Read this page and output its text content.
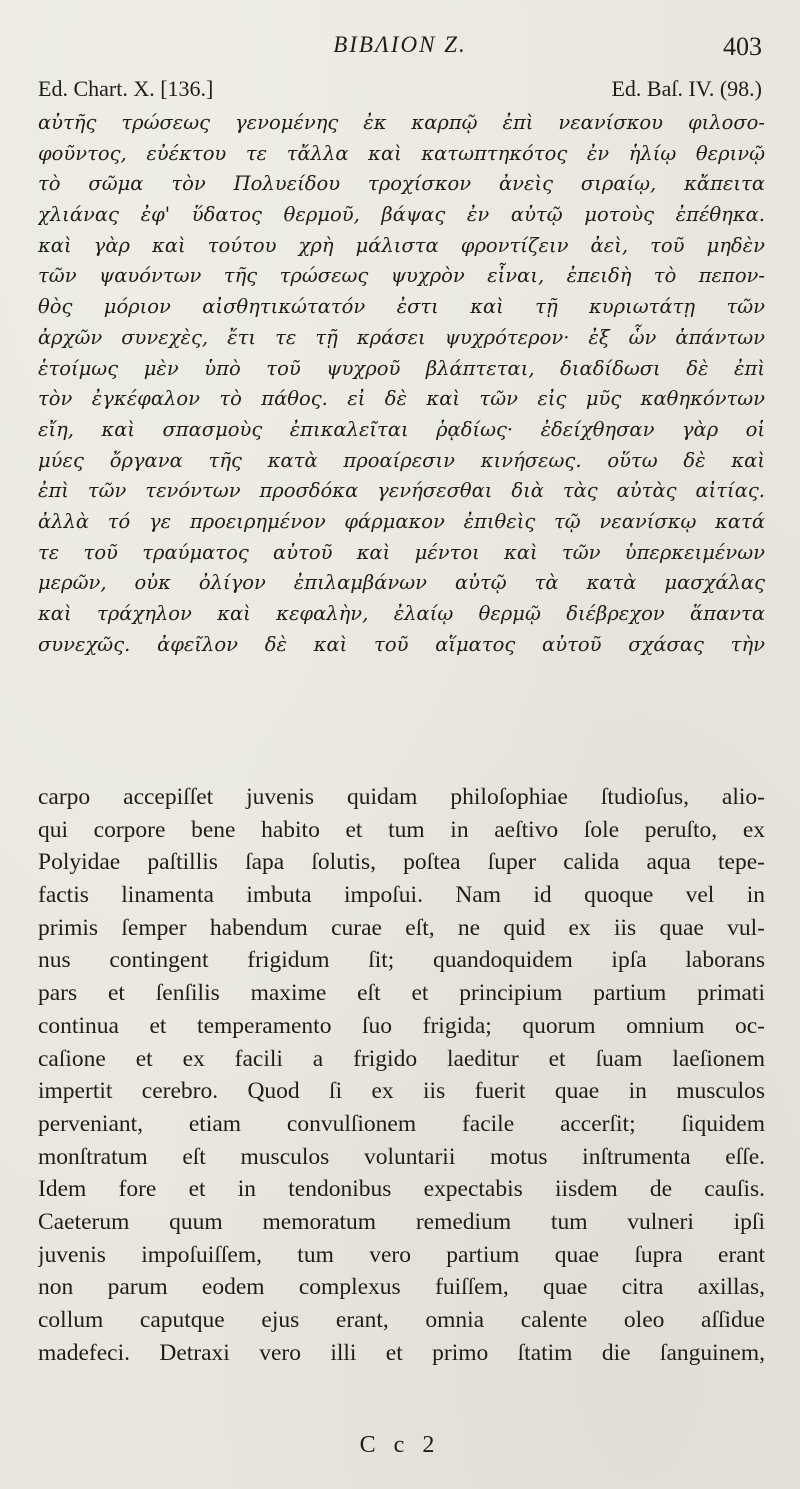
BIBΛΙΟΝ Ζ.	403
Ed. Chart. X. [136.]	Ed. Baſ. IV. (98.)
αὐτῆς τρώσεως γενομένης ἐκ καρπῷ ἐπὶ νεανίσκου φιλοσο-
φοῦντος, εὐέκτου τε τἄλλα καὶ κατωπτηκότος ἐν ἡλίῳ θερινῷ
τὸ σῶμα τὸν Πολυείδου τροχίσκον ἀνεὶς σιραίῳ, κἄπειτα
χλιάνας ἐφ' ὕδατος θερμοῦ, βάψας ἐν αὐτῷ μοτοὺς ἐπέθηκα.
καὶ γὰρ καὶ τούτου χρὴ μάλιστα φροντίζειν ἀεὶ, τοῦ μηδὲν
τῶν ψαυόντων τῆς τρώσεως ψυχρὸν εἶναι, ἐπειδὴ τὸ πεπον-
θὸς μόριον αἰσθητικώτατόν ἐστι καὶ τῇ κυριωτάτῃ τῶν
ἀρχῶν συνεχὲς, ἔτι τε τῇ κράσει ψυχρότερον· ἐξ ὧν ἁπάντων
ἑτοίμως μὲν ὑπὸ τοῦ ψυχροῦ βλάπτεται, διαδίδωσι δὲ ἐπὶ
τὸν ἐγκέφαλον τὸ πάθος. εἰ δὲ καὶ τῶν εἰς μῦς καθηκόντων
εἴη, καὶ σπασμοὺς ἐπικαλεῖται ῥᾳδίως· ἐδείχθησαν γὰρ οἱ
μύες ὄργανα τῆς κατὰ προαίρεσιν κινήσεως. οὕτω δὲ καὶ
ἐπὶ τῶν τενόντων προσδόκα γενήσεσθαι διὰ τὰς αὐτὰς αἰτίας.
ἀλλὰ τό γε προειρημένον φάρμακον ἐπιθεὶς τῷ νεανίσκῳ κατά
τε τοῦ τραύματος αὐτοῦ καὶ μέντοι καὶ τῶν ὑπερκειμένων
μερῶν, οὐκ ὀλίγον ἐπιλαμβάνων αὐτῷ τὰ κατὰ μασχάλας
καὶ τράχηλον καὶ κεφαλὴν, ἐλαίῳ θερμῷ διέβρεχον ἅπαντα
συνεχῶς. ἀφεῖλον δὲ καὶ τοῦ αἵματος αὐτοῦ σχάσας τὴν
carpo accepiſſet juvenis quidam philoſophiae ſtudioſus, alio-
qui corpore bene habito et tum in aeſtivo ſole peruſto, ex
Polyidae paſtillis ſapa ſolutis, poſtea ſuper calida aqua tepe-
factis linamenta imbuta impoſui. Nam id quoque vel in
primis ſemper habendum curae eſt, ne quid ex iis quae vul-
nus contingent frigidum ſit; quandoquidem ipſa laborans
pars et ſenſilis maxime eſt et principium partium primati
continua et temperamento ſuo frigida; quorum omnium oc-
caſione et ex facili a frigido laeditur et ſuam laeſionem
impertit cerebro. Quod ſi ex iis fuerit quae in musculos
perveniant, etiam convulſionem facile accerſit; ſiquidem
monſtratum eſt musculos voluntarii motus inſtrumenta eſſe.
Idem fore et in tendonibus expectabis iisdem de cauſis.
Caeterum quum memoratum remedium tum vulneri ipſi
juvenis impoſuiſſem, tum vero partium quae ſupra erant
non parum eodem complexus fuiſſem, quae citra axillas,
collum caputque ejus erant, omnia calente oleo aſſidue
madefeci. Detraxi vero illi et primo ſtatim die ſanguinem,
C c 2
